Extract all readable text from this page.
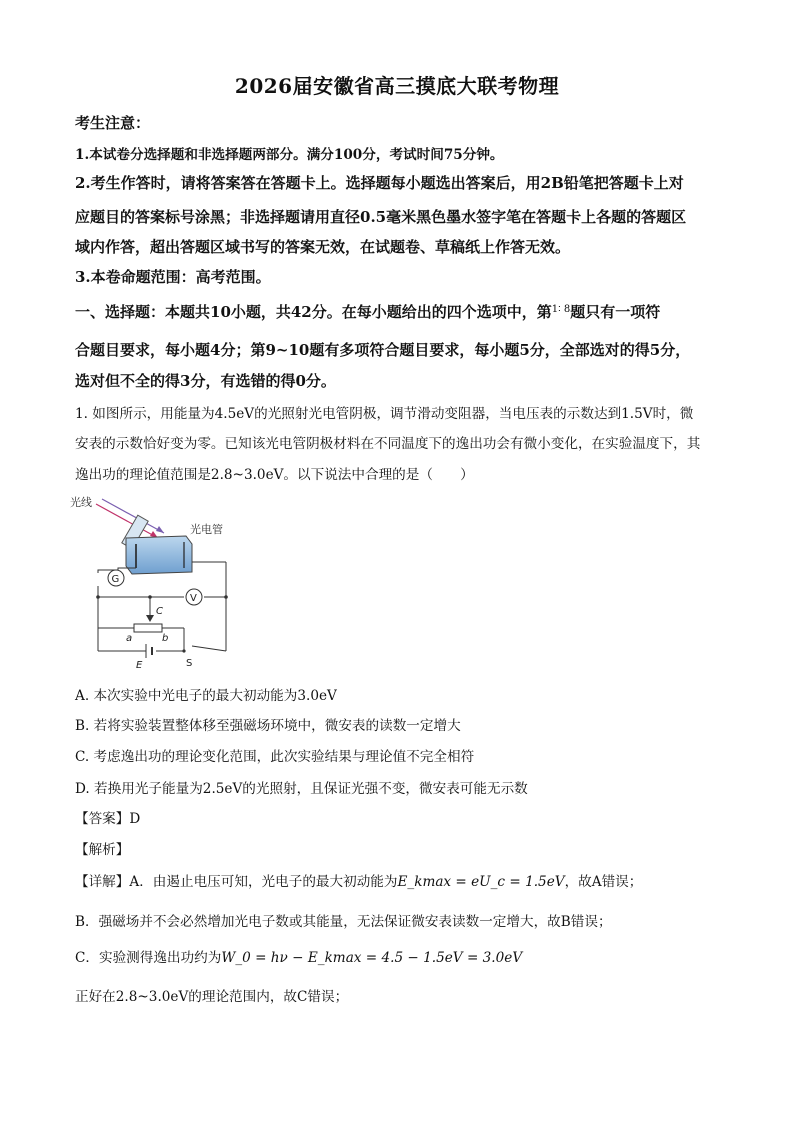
2026届安徽省高三摸底大联考物理
考生注意：
1.本试卷分选择题和非选择题两部分。满分100分，考试时间75分钟。
2.考生作答时，请将答案答在答题卡上。选择题每小题选出答案后，用2B铅笔把答题卡上对
应题目的答案标号涂黑；非选择题请用直径0.5毫米黑色墨水签字笔在答题卡上各题的答题区
域内作答，超出答题区域书写的答案无效，在试题卷、草稿纸上作答无效。
3.本卷命题范围：高考范围。
一、选择题：本题共10小题，共42分。在每小题给出的四个选项中，第$^{1∶ 8}$题只有一项符
合题目要求，每小题4分；第9~10题有多项符合题目要求，每小题5分，全部选对的得5分，
选对但不全的得3分，有选错的得0分。
1. 如图所示，用能量为4.5eV的光照射光电管阴极，调节滑动变阻器，当电压表的示数达到1.5V时，微
安表的示数恰好变为零。已知该光电管阴极材料在不同温度下的逸出功会有微小变化，在实验温度下，其
逸出功的理论值范围是2.8~3.0eV。以下说法中合理的是（　　）
光线
光电管
G
V
C
a	b
E	S
A. 本次实验中光电子的最大初动能为3.0eV
B. 若将实验装置整体移至强磁场环境中，微安表的读数一定增大
C. 考虑逸出功的理论变化范围，此次实验结果与理论值不完全相符
D. 若换用光子能量为2.5eV的光照射，且保证光强不变，微安表可能无示数
【答案】D
【解析】
【详解】A．由遏止电压可知，光电子的最大初动能为E_kmax = eU_c = 1.5eV，故A错误；
B．强磁场并不会必然增加光电子数或其能量，无法保证微安表读数一定增大，故B错误；
C．实验测得逸出功约为W_0 = hν − E_kmax = 4.5 − 1.5eV = 3.0eV
正好在2.8~3.0eV的理论范围内，故C错误；
